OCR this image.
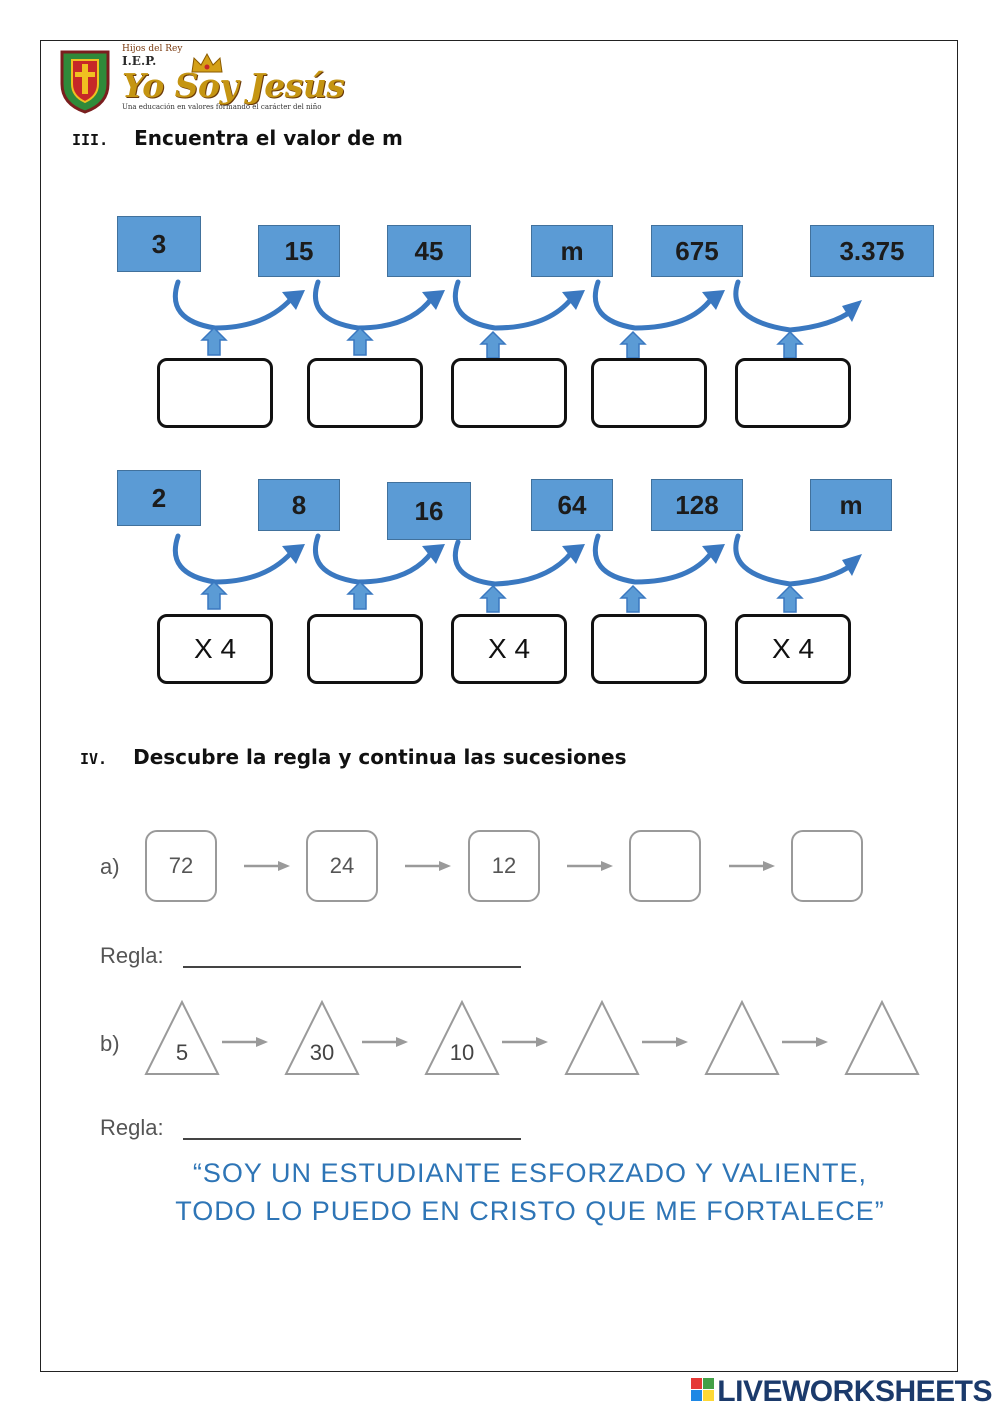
Hijos del Rey
I.E.P.
Yo Soy Jesús
Una educación en valores formando el carácter del niño
III. Encuentra el valor de m
3	15	45	m	675	3.375
2	8	16	64	128	m
X 4	X 4	X 4
IV. Descubre la regla y continua las sucesiones
a)	72	24	12
Regla:
b)	5	30	10
Regla:
“SOY UN ESTUDIANTE ESFORZADO Y VALIENTE,
TODO LO PUEDO EN CRISTO QUE ME FORTALECE”
LIVEWORKSHEETS
